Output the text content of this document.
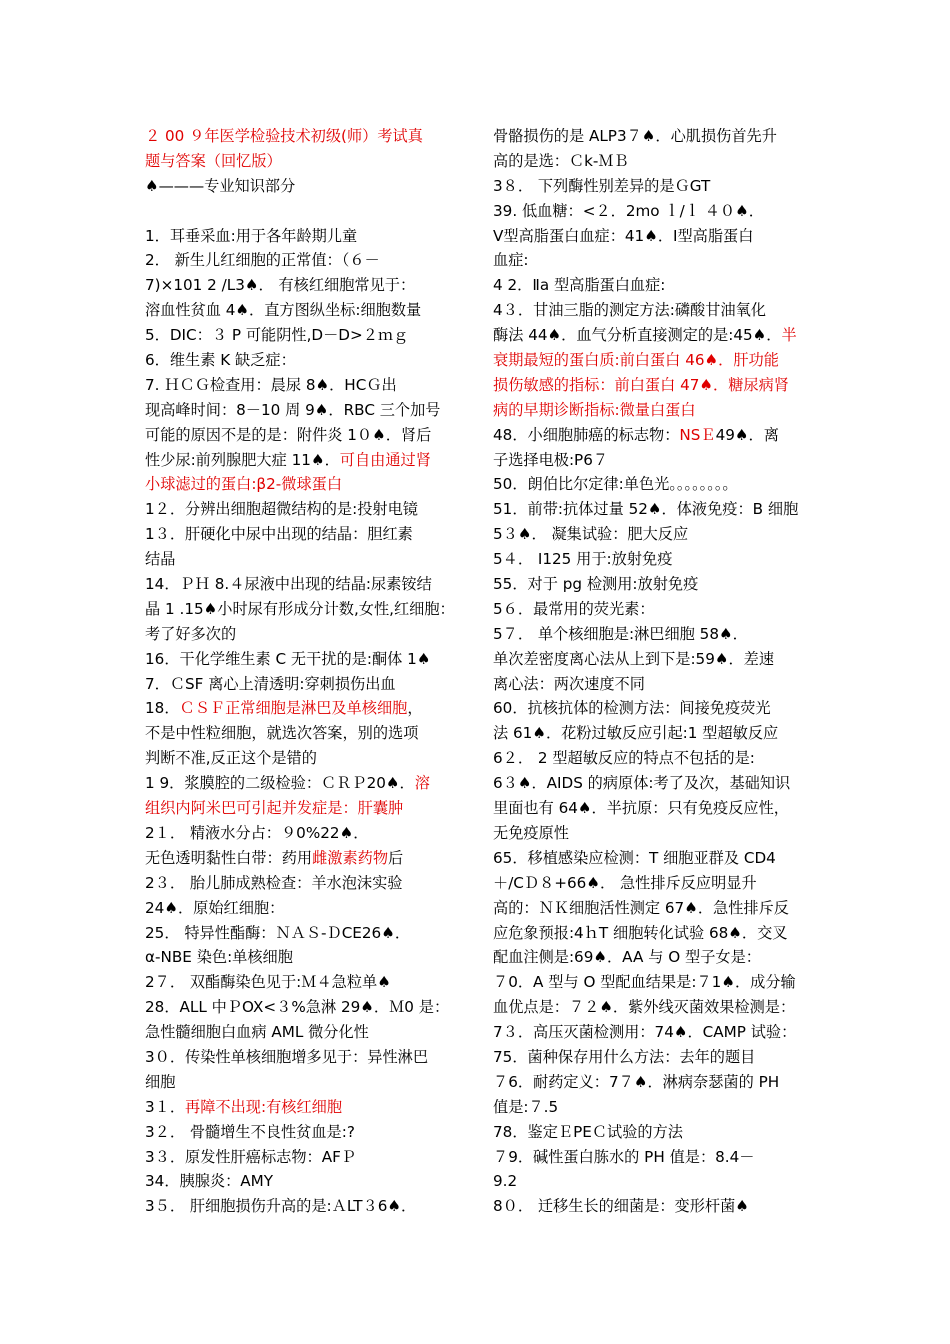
２ 00 ９年医学检验技术初级(师）考试真
题与答案（回忆版）
♠———专业知识部分
1．耳垂采血:用于各年龄期儿童
2． 新生儿红细胞的正常值：（６－
7)×101 2 /L3♠． 有核红细胞常见于：
溶血性贫血 4♠．直方图纵坐标:细胞数量
5．DIC：３ P 可能阴性,D－D>２ｍｇ
6．维生素 K 缺乏症：
7. ＨＣＧ检查用：晨尿 8♠．HCＧ出
现高峰时间：8－10 周 9♠．RBC 三个加号
可能的原因不是的是：附件炎 1０♠．肾后
性少尿:前列腺肥大症 11♠．可自由通过肾
小球滤过的蛋白:β2-微球蛋白
1２．分辨出细胞超微结构的是:投射电镜
1３．肝硬化中尿中出现的结晶：胆红素
结晶
14．ＰＨ 8.４尿液中出现的结晶:尿素铵结
晶 1 .15♠小时尿有形成分计数,女性,红细胞：
考了好多次的
16．干化学维生素 C 无干扰的是:酮体 1♠
7．ＣSF 离心上清透明:穿刺损伤出血
18．ＣＳＦ正常细胞是淋巴及单核细胞，
不是中性粒细胞，就选次答案，别的选项
判断不准,反正这个是错的
1 9．浆膜腔的二级检验：ＣＲＰ20♠．溶
组织内阿米巴可引起并发症是：肝囊肿
2１． 精液水分占：９0%22♠．
无色透明黏性白带：药用雌激素药物后
2３． 胎儿肺成熟检查：羊水泡沫实验
24♠．原始红细胞：
25． 特异性酯酶：ＮＡＳ-ＤCE26♠．
α-NBE 染色:单核细胞
2７． 双酯酶染色见于:Ｍ４急粒单♠
28．ALL 中ＰOX<３%急淋 29♠．Ｍ0 是：
急性髓细胞白血病 AML 微分化性
3０．传染性单核细胞增多见于：异性淋巴
细胞
3１．再障不出现:有核红细胞
3２． 骨髓增生不良性贫血是:?
3３．原发性肝癌标志物：AFＰ
34．胰腺炎：AMY
3５． 肝细胞损伤升高的是:ＡLT３6♠．
骨骼损伤的是 ALP3７♠．心肌损伤首先升
高的是选：Ｃk-ＭＢ
3８． 下列酶性别差异的是ＧGT
39. 低血糖：<２．2mo ｌ/ｌ ４０♠．
Ⅴ型高脂蛋白血症：41♠．Ⅰ型高脂蛋白
血症:
4 2．Ⅱa 型高脂蛋白血症:
4３．甘油三脂的测定方法:磷酸甘油氧化
酶法 44♠．血气分析直接测定的是:45♠．半
衰期最短的蛋白质:前白蛋白 46♠．肝功能
损伤敏感的指标：前白蛋白 47♠．糖尿病肾
病的早期诊断指标:微量白蛋白
48．小细胞肺癌的标志物：NSＥ49♠．离
子选择电极:P6７
50．朗伯比尔定律:单色光。。。。。。。。
51．前带:抗体过量 52♠．体液免疫：B 细胞
5３♠． 凝集试验：肥大反应
5４． I125 用于:放射免疫
55．对于 pg 检测用:放射免疫
5６．最常用的荧光素：
5７． 单个核细胞是:淋巴细胞 58♠．
单次差密度离心法从上到下是:59♠．差速
离心法：两次速度不同
60．抗核抗体的检测方法：间接免疫荧光
法 61♠．花粉过敏反应引起:1 型超敏反应
6２． 2 型超敏反应的特点不包括的是:
6３♠．AIDS 的病原体:考了及次，基础知识
里面也有 64♠．半抗原：只有免疫反应性，
无免疫原性
65．移植感染应检测：T 细胞亚群及 CD4
＋/CＤ８+66♠． 急性排斥反应明显升
高的：ＮＫ细胞活性测定 67♠．急性排斥反
应危象预报:4ｈT 细胞转化试验 68♠．交叉
配血注侧是:69♠．AA 与 O 型子女是：
７0．A 型与 O 型配血结果是:７1♠．成分输
血优点是：７２♠．紫外线灭菌效果检测是：
7３．高压灭菌检测用：74♠．CAMP 试验：
75．菌种保存用什么方法：去年的题目
７6．耐药定义：7７♠．淋病奈瑟菌的 PH
值是:７.5
78．鉴定ＥPEＣ试验的方法
７9．碱性蛋白胨水的 PH 值是：8.4－
9.2
8０． 迁移生长的细菌是：变形杆菌♠
